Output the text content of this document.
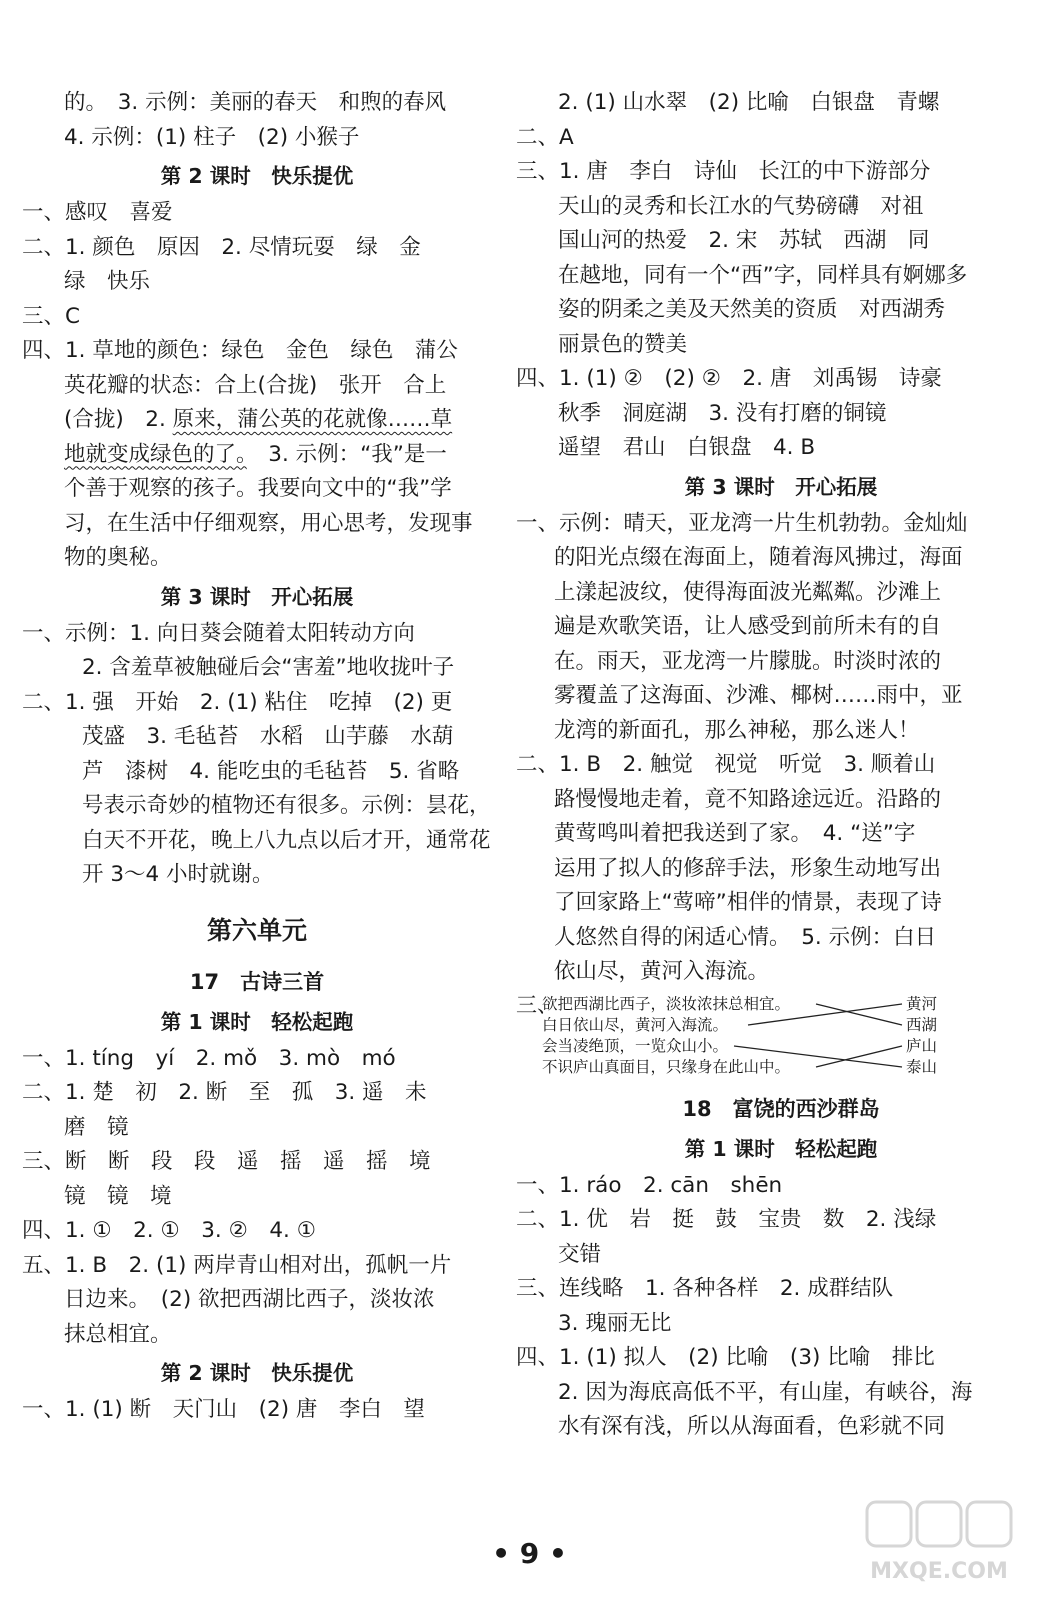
的。　3. 示例：美丽的春天　和煦的春风
4. 示例：(1) 柱子　(2) 小猴子
第 2 课时　快乐提优
一、感叹　喜爱
二、1. 颜色　原因　2. 尽情玩耍　绿　金
绿　快乐
三、C
四、1. 草地的颜色：绿色　金色　绿色　蒲公
英花瓣的状态：合上(合拢)　张开　合上
(合拢)　2. 原来，蒲公英的花就像……草
地就变成绿色的了。　3. 示例：“我”是一
个善于观察的孩子。我要向文中的“我”学
习，在生活中仔细观察，用心思考，发现事
物的奥秘。
第 3 课时　开心拓展
一、示例：1. 向日葵会随着太阳转动方向
2. 含羞草被触碰后会“害羞”地收拢叶子
二、1. 强　开始　2. (1) 粘住　吃掉　(2) 更
茂盛　3. 毛毡苔　水稻　山芋藤　水葫
芦　漆树　4. 能吃虫的毛毡苔　5. 省略
号表示奇妙的植物还有很多。示例：昙花，
白天不开花，晚上八九点以后才开，通常花
开 3～4 小时就谢。
第六单元
17　古诗三首
第 1 课时　轻松起跑
一、1. tíng　yí　2. mǒ　3. mò　mó
二、1. 楚　初　2. 断　至　孤　3. 遥　未
磨　镜
三、断　断　段　段　遥　摇　遥　摇　境
镜　镜　境
四、1. ①　2. ①　3. ②　4. ①
五、1. B　2. (1) 两岸青山相对出，孤帆一片
日边来。　(2) 欲把西湖比西子，淡妆浓
抹总相宜。
第 2 课时　快乐提优
一、1. (1) 断　天门山　(2) 唐　李白　望
2. (1) 山水翠　(2) 比喻　白银盘　青螺
二、A
三、1. 唐　李白　诗仙　长江的中下游部分
天山的灵秀和长江水的气势磅礴　对祖
国山河的热爱　2. 宋　苏轼　西湖　同
在越地，同有一个“西”字，同样具有婀娜多
姿的阴柔之美及天然美的资质　对西湖秀
丽景色的赞美
四、1. (1) ②　(2) ②　2. 唐　刘禹锡　诗豪
秋季　洞庭湖　3. 没有打磨的铜镜
遥望　君山　白银盘　4. B
第 3 课时　开心拓展
一、示例：晴天，亚龙湾一片生机勃勃。金灿灿
的阳光点缀在海面上，随着海风拂过，海面
上漾起波纹，使得海面波光粼粼。沙滩上
遍是欢歌笑语，让人感受到前所未有的自
在。雨天，亚龙湾一片朦胧。时淡时浓的
雾覆盖了这海面、沙滩、椰树……雨中，亚
龙湾的新面孔，那么神秘，那么迷人！
二、1. B　2. 触觉　视觉　听觉　3. 顺着山
路慢慢地走着，竟不知路途远近。沿路的
黄莺鸣叫着把我送到了家。　4. “送”字
运用了拟人的修辞手法，形象生动地写出
了回家路上“莺啼”相伴的情景，表现了诗
人悠然自得的闲适心情。　5. 示例：白日
依山尽，黄河入海流。
三、
欲把西湖比西子，淡妆浓抹总相宜。
白日依山尽，黄河入海流。
会当凌绝顶，一览众山小。
不识庐山真面目，只缘身在此山中。
黄河
西湖
庐山
泰山
18　富饶的西沙群岛
第 1 课时　轻松起跑
一、1. ráo　2. cān　shēn
二、1. 优　岩　挺　鼓　宝贵　数　2. 浅绿
交错
三、连线略　1. 各种各样　2. 成群结队
3. 瑰丽无比
四、1. (1) 拟人　(2) 比喻　(3) 比喻　排比
2. 因为海底高低不平，有山崖，有峡谷，海
水有深有浅，所以从海面看，色彩就不同
• 9 •
MXQE.COM
